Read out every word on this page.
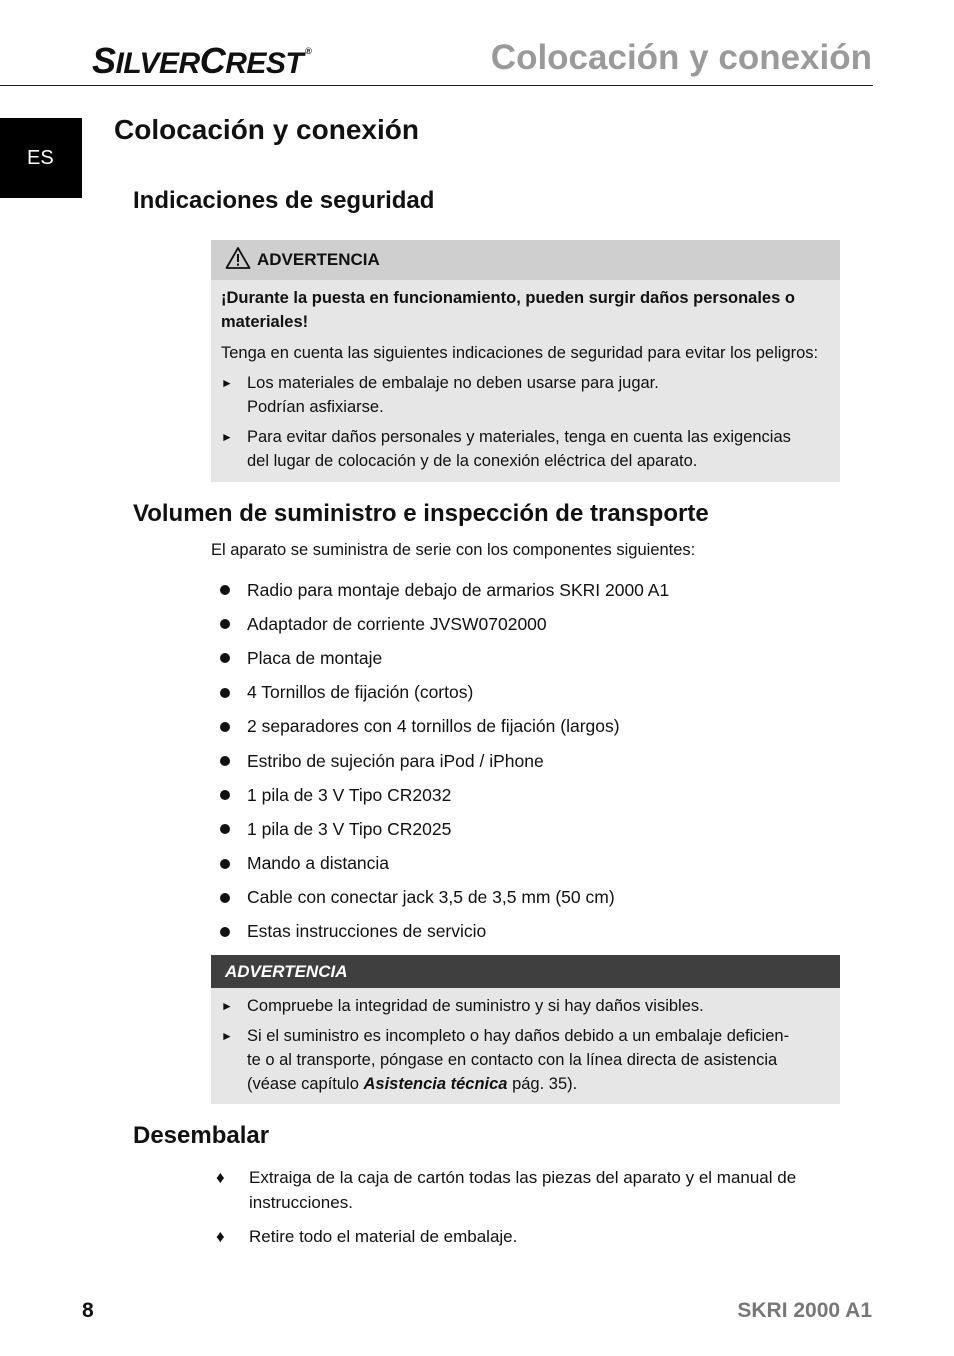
SILVERCREST ®	Colocación y conexión
ES
Colocación y conexión
Indicaciones de seguridad
ADVERTENCIA
¡Durante la puesta en funcionamiento, pueden surgir daños personales o materiales!
Tenga en cuenta las siguientes indicaciones de seguridad para evitar los peligros:
► Los materiales de embalaje no deben usarse para jugar.
Podrían asfixiarse.
► Para evitar daños personales y materiales, tenga en cuenta las exigencias
del lugar de colocación y de la conexión eléctrica del aparato.
Volumen de suministro e inspección de transporte
El aparato se suministra de serie con los componentes siguientes:
Radio para montaje debajo de armarios SKRI 2000 A1
Adaptador de corriente JVSW0702000
Placa de montaje
4 Tornillos de fijación (cortos)
2 separadores con 4 tornillos de fijación (largos)
Estribo de sujeción para iPod / iPhone
1 pila de 3 V Tipo CR2032
1 pila de 3 V Tipo CR2025
Mando a distancia
Cable con conectar jack 3,5 de 3,5 mm (50 cm)
Estas instrucciones de servicio
ADVERTENCIA
► Compruebe la integridad de suministro y si hay daños visibles.
► Si el suministro es incompleto o hay daños debido a un embalaje deficien-
te o al transporte, póngase en contacto con la línea directa de asistencia
(véase capítulo Asistencia técnica pág. 35).
Desembalar
♦	Extraiga de la caja de cartón todas las piezas del aparato y el manual de
instrucciones.
♦	Retire todo el material de embalaje.
8	SKRI 2000 A1
